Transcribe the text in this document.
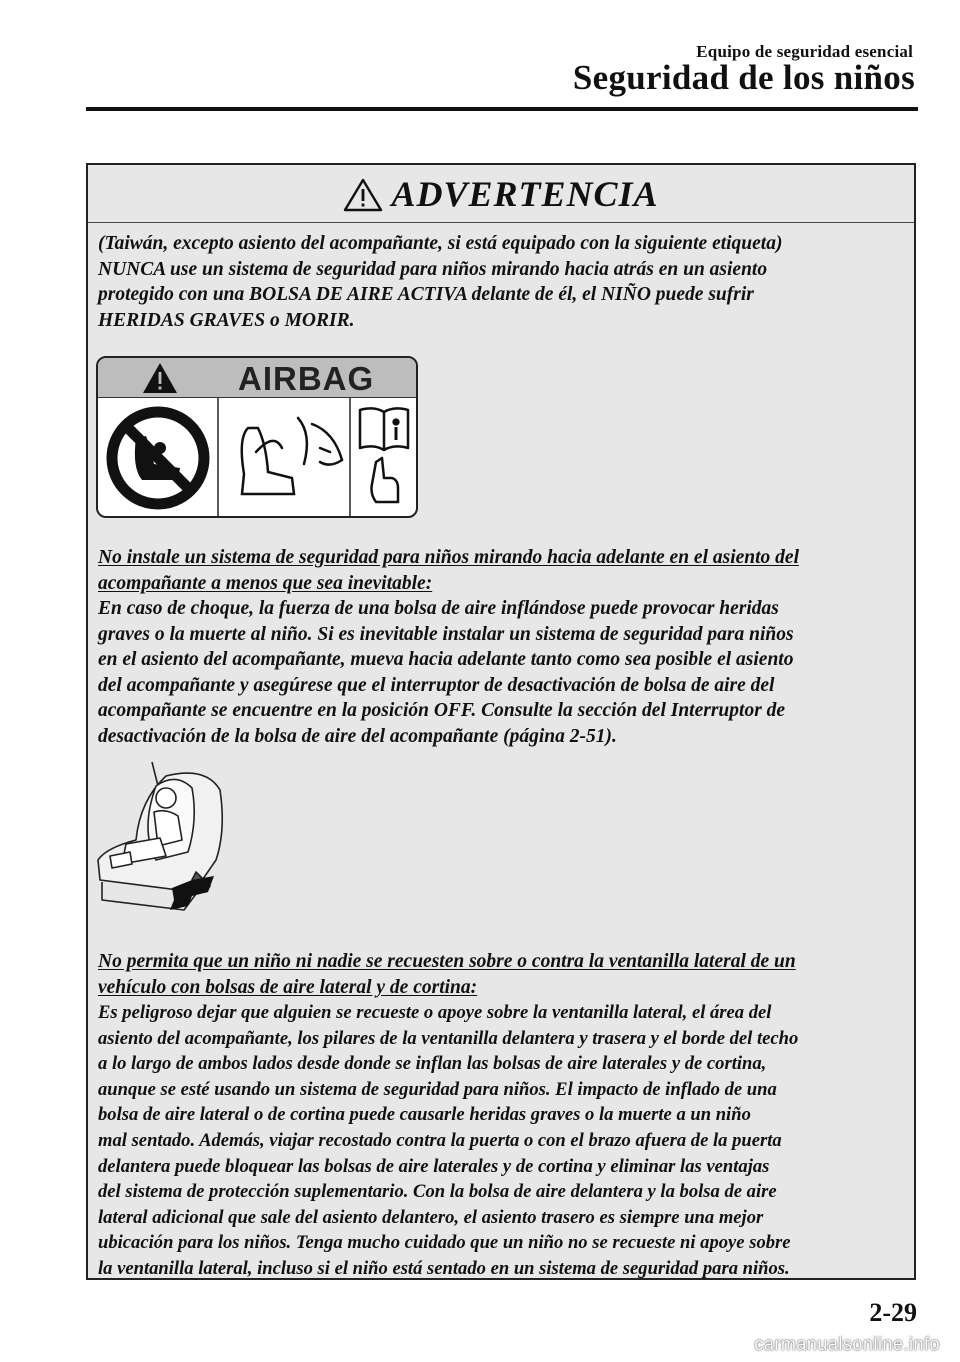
Equipo de seguridad esencial
Seguridad de los niños
ADVERTENCIA
(Taiwán, excepto asiento del acompañante, si está equipado con la siguiente etiqueta)
NUNCA use un sistema de seguridad para niños mirando hacia atrás en un asiento
protegido con una BOLSA DE AIRE ACTIVA delante de él, el NIÑO puede sufrir
HERIDAS GRAVES o MORIR.
No instale un sistema de seguridad para niños mirando hacia adelante en el asiento del
acompañante a menos que sea inevitable:
En caso de choque, la fuerza de una bolsa de aire inflándose puede provocar heridas
graves o la muerte al niño. Si es inevitable instalar un sistema de seguridad para niños
en el asiento del acompañante, mueva hacia adelante tanto como sea posible el asiento
del acompañante y asegúrese que el interruptor de desactivación de bolsa de aire del
acompañante se encuentre en la posición OFF. Consulte la sección del Interruptor de
desactivación de la bolsa de aire del acompañante (página 2-51).
No permita que un niño ni nadie se recuesten sobre o contra la ventanilla lateral de un
vehículo con bolsas de aire lateral y de cortina:
Es peligroso dejar que alguien se recueste o apoye sobre la ventanilla lateral, el área del
asiento del acompañante, los pilares de la ventanilla delantera y trasera y el borde del techo
a lo largo de ambos lados desde donde se inflan las bolsas de aire laterales y de cortina,
aunque se esté usando un sistema de seguridad para niños. El impacto de inflado de una
bolsa de aire lateral o de cortina puede causarle heridas graves o la muerte a un niño
mal sentado. Además, viajar recostado contra la puerta o con el brazo afuera de la puerta
delantera puede bloquear las bolsas de aire laterales y de cortina y eliminar las ventajas
del sistema de protección suplementario. Con la bolsa de aire delantera y la bolsa de aire
lateral adicional que sale del asiento delantero, el asiento trasero es siempre una mejor
ubicación para los niños. Tenga mucho cuidado que un niño no se recueste ni apoye sobre
la ventanilla lateral, incluso si el niño está sentado en un sistema de seguridad para niños.
AIRBAG
2-29
carmanualsonline.info
